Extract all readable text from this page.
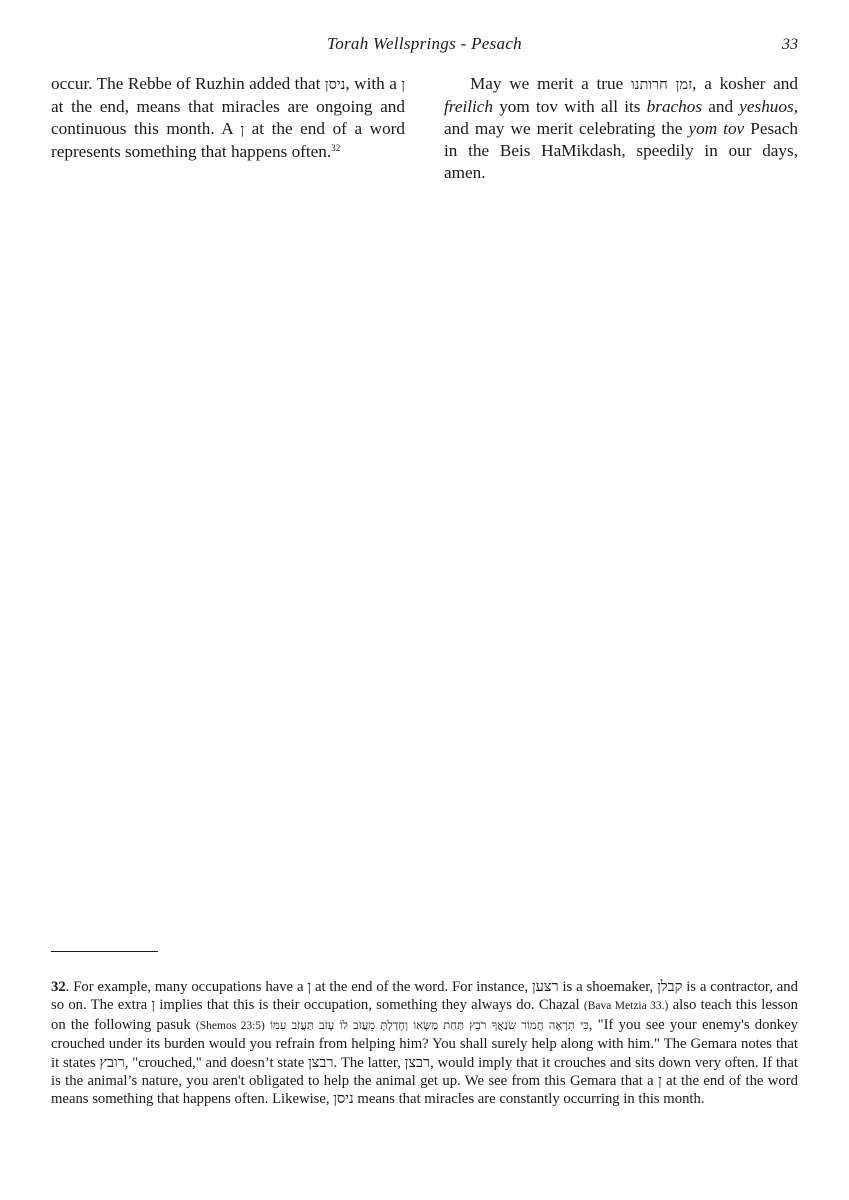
Torah Wellsprings - Pesach	33

occur. The Rebbe of Ruzhin added that ניסן, with a ן at the end, means that miracles are ongoing and continuous this month. A ן at the end of a word represents something that happens often.$^{32}$

May we merit a true זמן חרותנו, a kosher and freilich yom tov with all its brachos and yeshuos, and may we merit celebrating the yom tov Pesach in the Beis HaMikdash, speedily in our days, amen.

32. For example, many occupations have a ן at the end of the word. For instance, רצען is a shoemaker, קבלן is a contractor, and so on. The extra ן implies that this is their occupation, something they always do. Chazal (Bava Metzia 33.) also teach this lesson on the following pasuk (Shemos 23:5) כִּי תִרְאֶה חֲמוֹר שֹׂנַאֲךָ רֹבֵץ תַּחַת מַשָּׂאוֹ וְחָדַלְתָּ מֵעֲזֹב לוֹ עָזֹב תַּעֲזֹב עִמּוֹ, "If you see your enemy's donkey crouched under its burden would you refrain from helping him? You shall surely help along with him." The Gemara notes that it states רובץ, "crouched," and doesn’t state רבצן. The latter, רבצן, would imply that it crouches and sits down very often. If that is the animal’s nature, you aren't obligated to help the animal get up. We see from this Gemara that a ן at the end of the word means something that happens often. Likewise, ניסן means that miracles are constantly occurring in this month.
